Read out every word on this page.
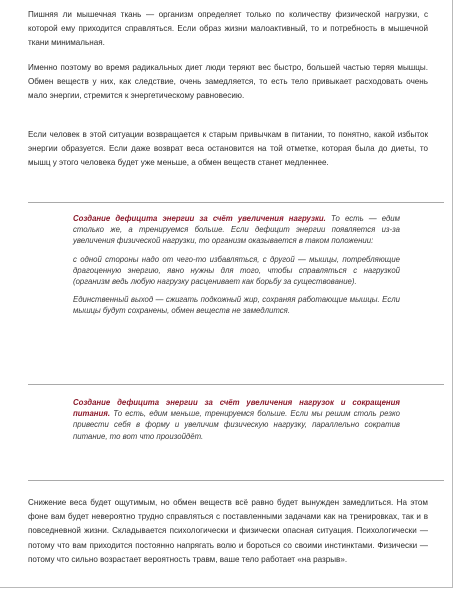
Пишняя ли мышечная ткань — организм определяет только по количеству физической нагрузки, с которой ему приходится справляться. Если образ жизни малоактивный, то и потребность в мышечной ткани минимальная.

Именно поэтому во время радикальных диет люди теряют вес быстро, большей частью теряя мышцы. Обмен веществ у них, как следствие, очень замедляется, то есть тело привыкает расходовать очень мало энергии, стремится к энергетическому равновесию.

Если человек в этой ситуации возвращается к старым привычкам в питании, то понятно, какой избыток энергии образуется. Если даже возврат веса остановится на той отметке, которая была до диеты, то мышц у этого человека будет уже меньше, а обмен веществ станет медленнее.

Создание дефицита энергии за счёт увеличения нагрузки. То есть — едим столько же, а тренируемся больше. Если дефицит энергии появляется из-за увеличения физической нагрузки, то организм оказывается в таком положении:

с одной стороны надо от чего-то избавляться, с другой — мышцы, потребляющие драгоценную энергию, явно нужны для того, чтобы справляться с нагрузкой (организм ведь любую нагрузку расценивает как борьбу за существование).

Единственный выход — сжигать подкожный жир, сохраняя работающие мышцы. Если мышцы будут сохранены, обмен веществ не замедлится.

Создание дефицита энергии за счёт увеличения нагрузок и сокращения питания. То есть, едим меньше, тренируемся больше. Если мы решим столь резко привести себя в форму и увеличим физическую нагрузку, параллельно сократив питание, то вот что произойдёт.

Снижение веса будет ощутимым, но обмен веществ всё равно будет вынужден замедлиться. На этом фоне вам будет невероятно трудно справляться с поставленными задачами как на тренировках, так и в повседневной жизни. Складывается психологически и физически опасная ситуация. Психологически — потому что вам приходится постоянно напрягать волю и бороться со своими инстинктами. Физически — потому что сильно возрастает вероятность травм, ваше тело работает «на разрыв».
